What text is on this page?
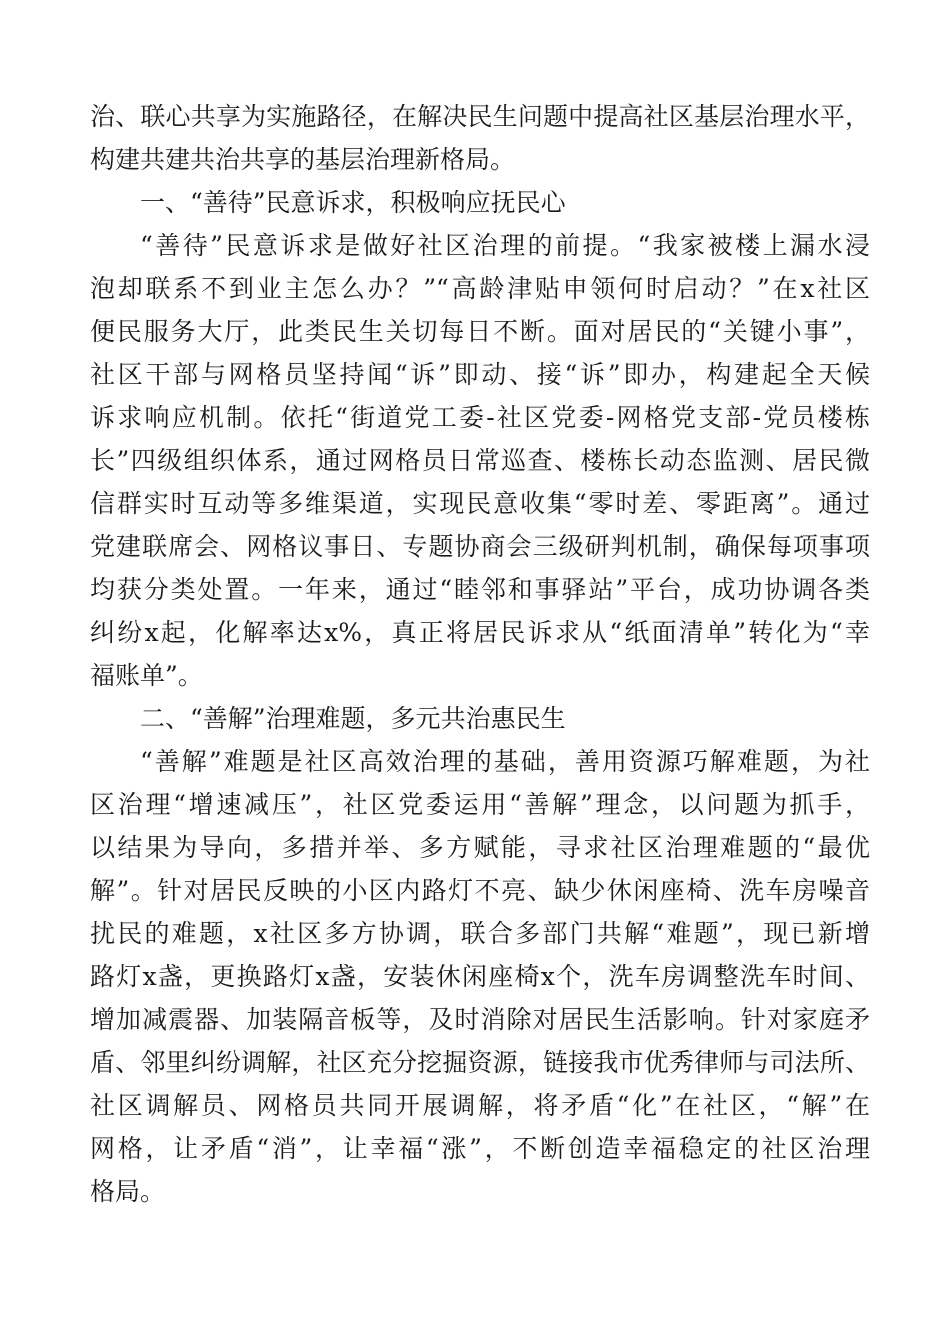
治、联心共享为实施路径，在解决民生问题中提高社区基层治理水平，
构建共建共治共享的基层治理新格局。
一、“善待”民意诉求，积极响应抚民心
“善待”民意诉求是做好社区治理的前提。“我家被楼上漏水浸
泡却联系不到业主怎么办？”“高龄津贴申领何时启动？”在x社区
便民服务大厅，此类民生关切每日不断。面对居民的“关键小事”，
社区干部与网格员坚持闻“诉”即动、接“诉”即办，构建起全天候
诉求响应机制。依托“街道党工委-社区党委-网格党支部-党员楼栋
长”四级组织体系，通过网格员日常巡查、楼栋长动态监测、居民微
信群实时互动等多维渠道，实现民意收集“零时差、零距离”。通过
党建联席会、网格议事日、专题协商会三级研判机制，确保每项事项
均获分类处置。一年来，通过“睦邻和事驿站”平台，成功协调各类
纠纷x起，化解率达x%，真正将居民诉求从“纸面清单”转化为“幸
福账单”。
二、“善解”治理难题，多元共治惠民生
“善解”难题是社区高效治理的基础，善用资源巧解难题，为社
区治理“增速减压”，社区党委运用“善解”理念，以问题为抓手，
以结果为导向，多措并举、多方赋能，寻求社区治理难题的“最优
解”。针对居民反映的小区内路灯不亮、缺少休闲座椅、洗车房噪音
扰民的难题，x社区多方协调，联合多部门共解“难题”，现已新增
路灯x盏，更换路灯x盏，安装休闲座椅x个，洗车房调整洗车时间、
增加减震器、加装隔音板等，及时消除对居民生活影响。针对家庭矛
盾、邻里纠纷调解，社区充分挖掘资源，链接我市优秀律师与司法所、
社区调解员、网格员共同开展调解，将矛盾“化”在社区，“解”在
网格，让矛盾“消”，让幸福“涨”，不断创造幸福稳定的社区治理
格局。
